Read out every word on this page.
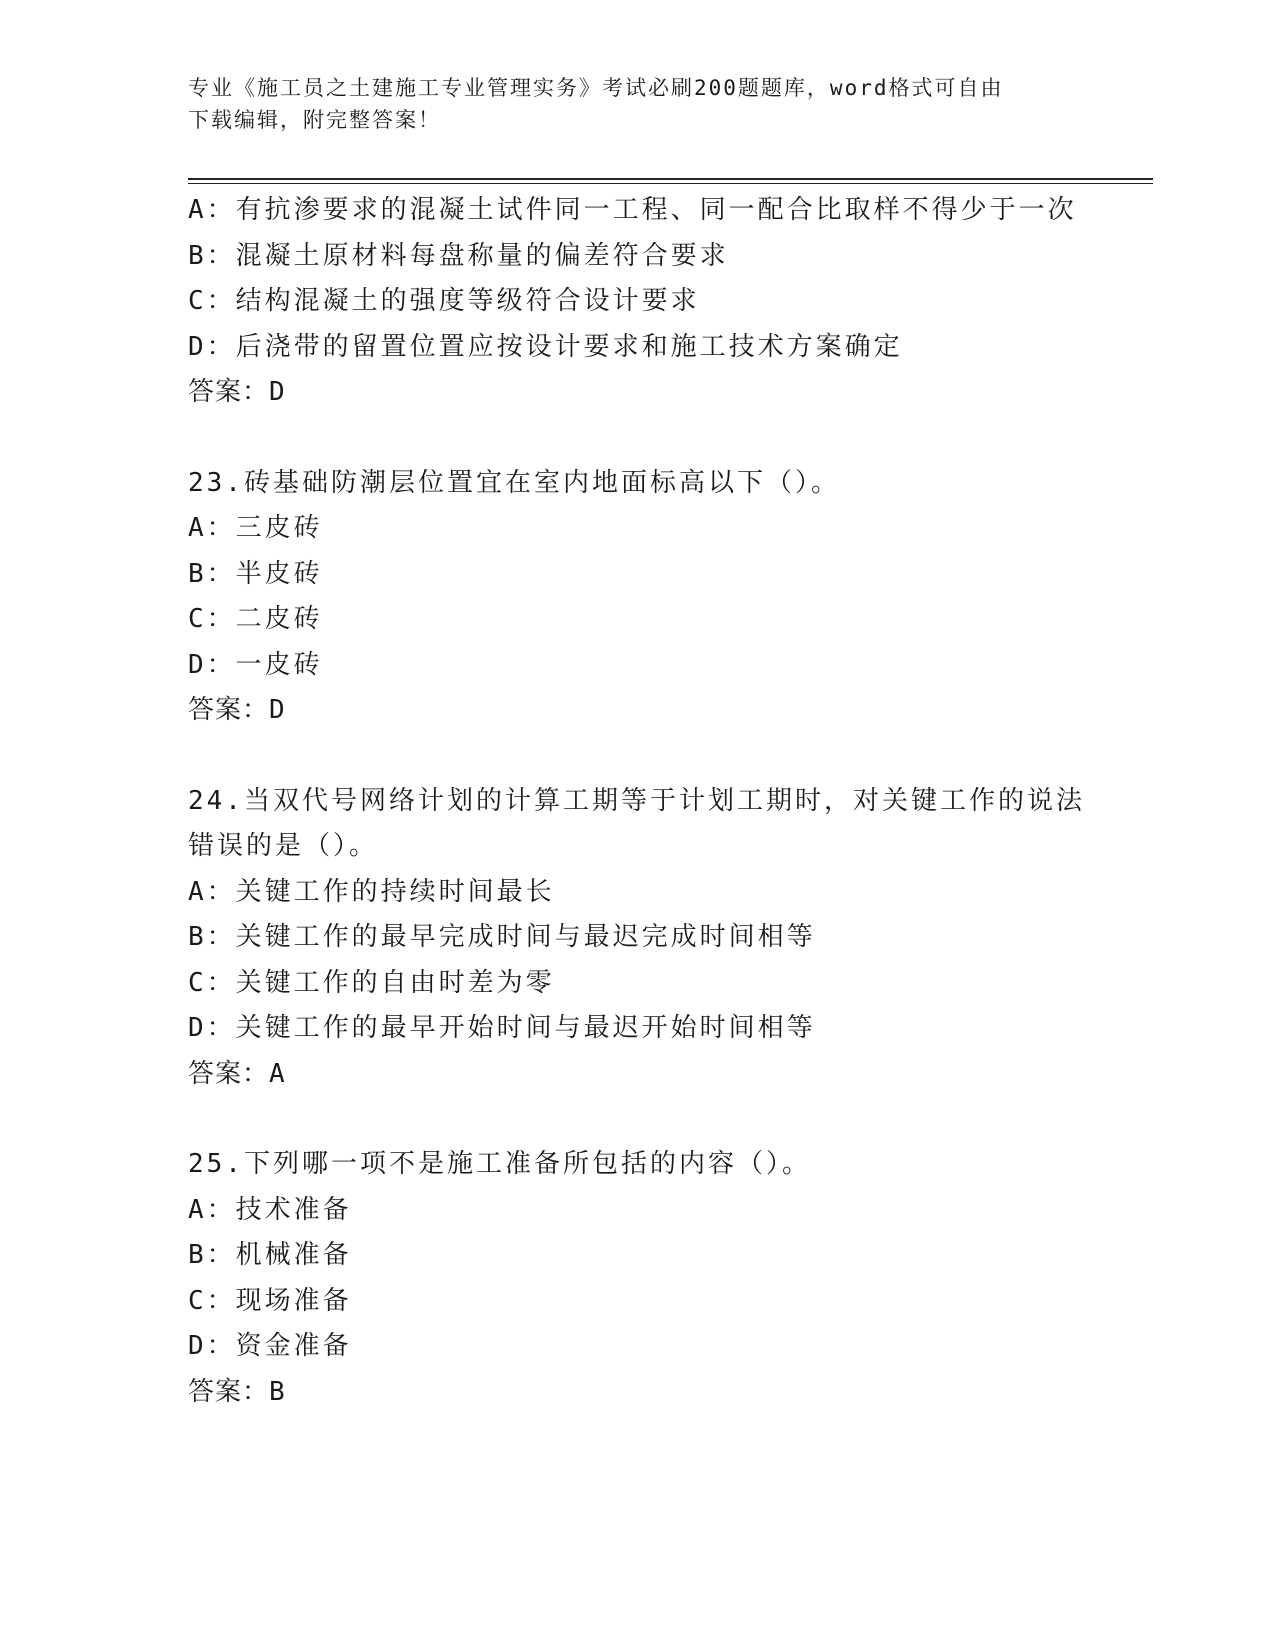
专业《施工员之土建施工专业管理实务》考试必刷200题题库，word格式可自由
下载编辑，附完整答案！
A：有抗渗要求的混凝土试件同一工程、同一配合比取样不得少于一次
B：混凝土原材料每盘称量的偏差符合要求
C：结构混凝土的强度等级符合设计要求
D：后浇带的留置位置应按设计要求和施工技术方案确定
答案：D
23.砖基础防潮层位置宜在室内地面标高以下（）。
A：三皮砖
B：半皮砖
C：二皮砖
D：一皮砖
答案：D
24.当双代号网络计划的计算工期等于计划工期时，对关键工作的说法
错误的是（）。
A：关键工作的持续时间最长
B：关键工作的最早完成时间与最迟完成时间相等
C：关键工作的自由时差为零
D：关键工作的最早开始时间与最迟开始时间相等
答案：A
25.下列哪一项不是施工准备所包括的内容（）。
A：技术准备
B：机械准备
C：现场准备
D：资金准备
答案：B
